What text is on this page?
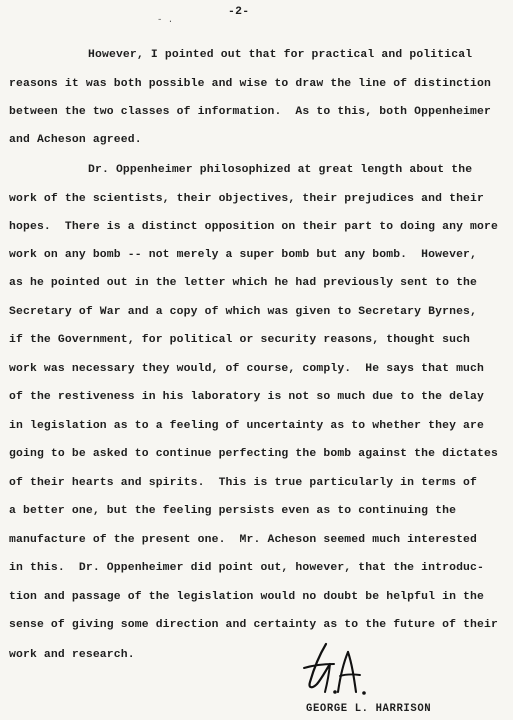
- .
-2-
However, I pointed out that for practical and political
reasons it was both possible and wise to draw the line of distinction
between the two classes of information.  As to this, both Oppenheimer
and Acheson agreed.
Dr. Oppenheimer philosophized at great length about the
work of the scientists, their objectives, their prejudices and their
hopes.  There is a distinct opposition on their part to doing any more
work on any bomb -- not merely a super bomb but any bomb.  However,
as he pointed out in the letter which he had previously sent to the
Secretary of War and a copy of which was given to Secretary Byrnes,
if the Government, for political or security reasons, thought such
work was necessary they would, of course, comply.  He says that much
of the restiveness in his laboratory is not so much due to the delay
in legislation as to a feeling of uncertainty as to whether they are
going to be asked to continue perfecting the bomb against the dictates
of their hearts and spirits.  This is true particularly in terms of
a better one, but the feeling persists even as to continuing the
manufacture of the present one.  Mr. Acheson seemed much interested
in this.  Dr. Oppenheimer did point out, however, that the introduc-
tion and passage of the legislation would no doubt be helpful in the
sense of giving some direction and certainty as to the future of their
work and research.
GEORGE L. HARRISON
